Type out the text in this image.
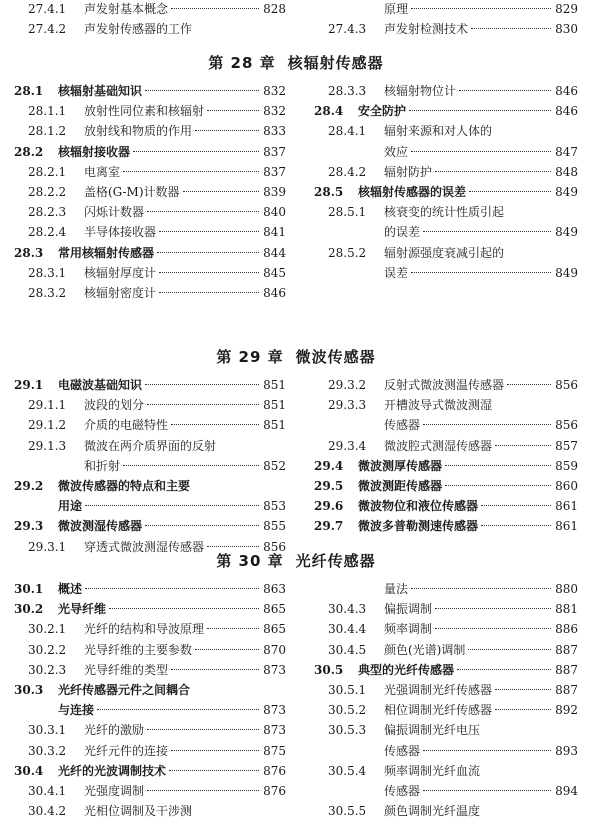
27.4.1	声发射基本概念	828
27.4.2	声发射传感器的工作
原理	829
27.4.3	声发射检测技术	830
第 28 章 核辐射传感器
28.1	核辐射基础知识	832
28.1.1	放射性同位素和核辐射	832
28.1.2	放射线和物质的作用	833
28.2	核辐射接收器	837
28.2.1	电离室	837
28.2.2	盖格(G-M)计数器	839
28.2.3	闪烁计数器	840
28.2.4	半导体接收器	841
28.3	常用核辐射传感器	844
28.3.1	核辐射厚度计	845
28.3.2	核辐射密度计	846
28.3.3	核辐射物位计	846
28.4	安全防护	846
28.4.1	辐射来源和对人体的
效应	847
28.4.2	辐射防护	848
28.5	核辐射传感器的误差	849
28.5.1	核衰变的统计性质引起
的误差	849
28.5.2	辐射源强度衰减引起的
误差	849
第 29 章 微波传感器
29.1	电磁波基础知识	851
29.1.1	波段的划分	851
29.1.2	介质的电磁特性	851
29.1.3	微波在两介质界面的反射
和折射	852
29.2	微波传感器的特点和主要
用途	853
29.3	微波测湿传感器	855
29.3.1	穿透式微波测湿传感器	856
29.3.2	反射式微波测温传感器	856
29.3.3	开槽波导式微波测湿
传感器	856
29.3.4	微波腔式测湿传感器	857
29.4	微波测厚传感器	859
29.5	微波测距传感器	860
29.6	微波物位和液位传感器	861
29.7	微波多普勒测速传感器	861
第 30 章 光纤传感器
30.1	概述	863
30.2	光导纤维	865
30.2.1	光纤的结构和导波原理	865
30.2.2	光导纤维的主要参数	870
30.2.3	光导纤维的类型	873
30.3	光纤传感器元件之间耦合
与连接	873
30.3.1	光纤的激励	873
30.3.2	光纤元件的连接	875
30.4	光纤的光波调制技术	876
30.4.1	光强度调制	876
30.4.2	光相位调制及干涉测
量法	880
30.4.3	偏振调制	881
30.4.4	频率调制	886
30.4.5	颜色(光谱)调制	887
30.5	典型的光纤传感器	887
30.5.1	光强调制光纤传感器	887
30.5.2	相位调制光纤传感器	892
30.5.3	偏振调制光纤电压
传感器	893
30.5.4	频率调制光纤血流
传感器	894
30.5.5	颜色调制光纤温度
